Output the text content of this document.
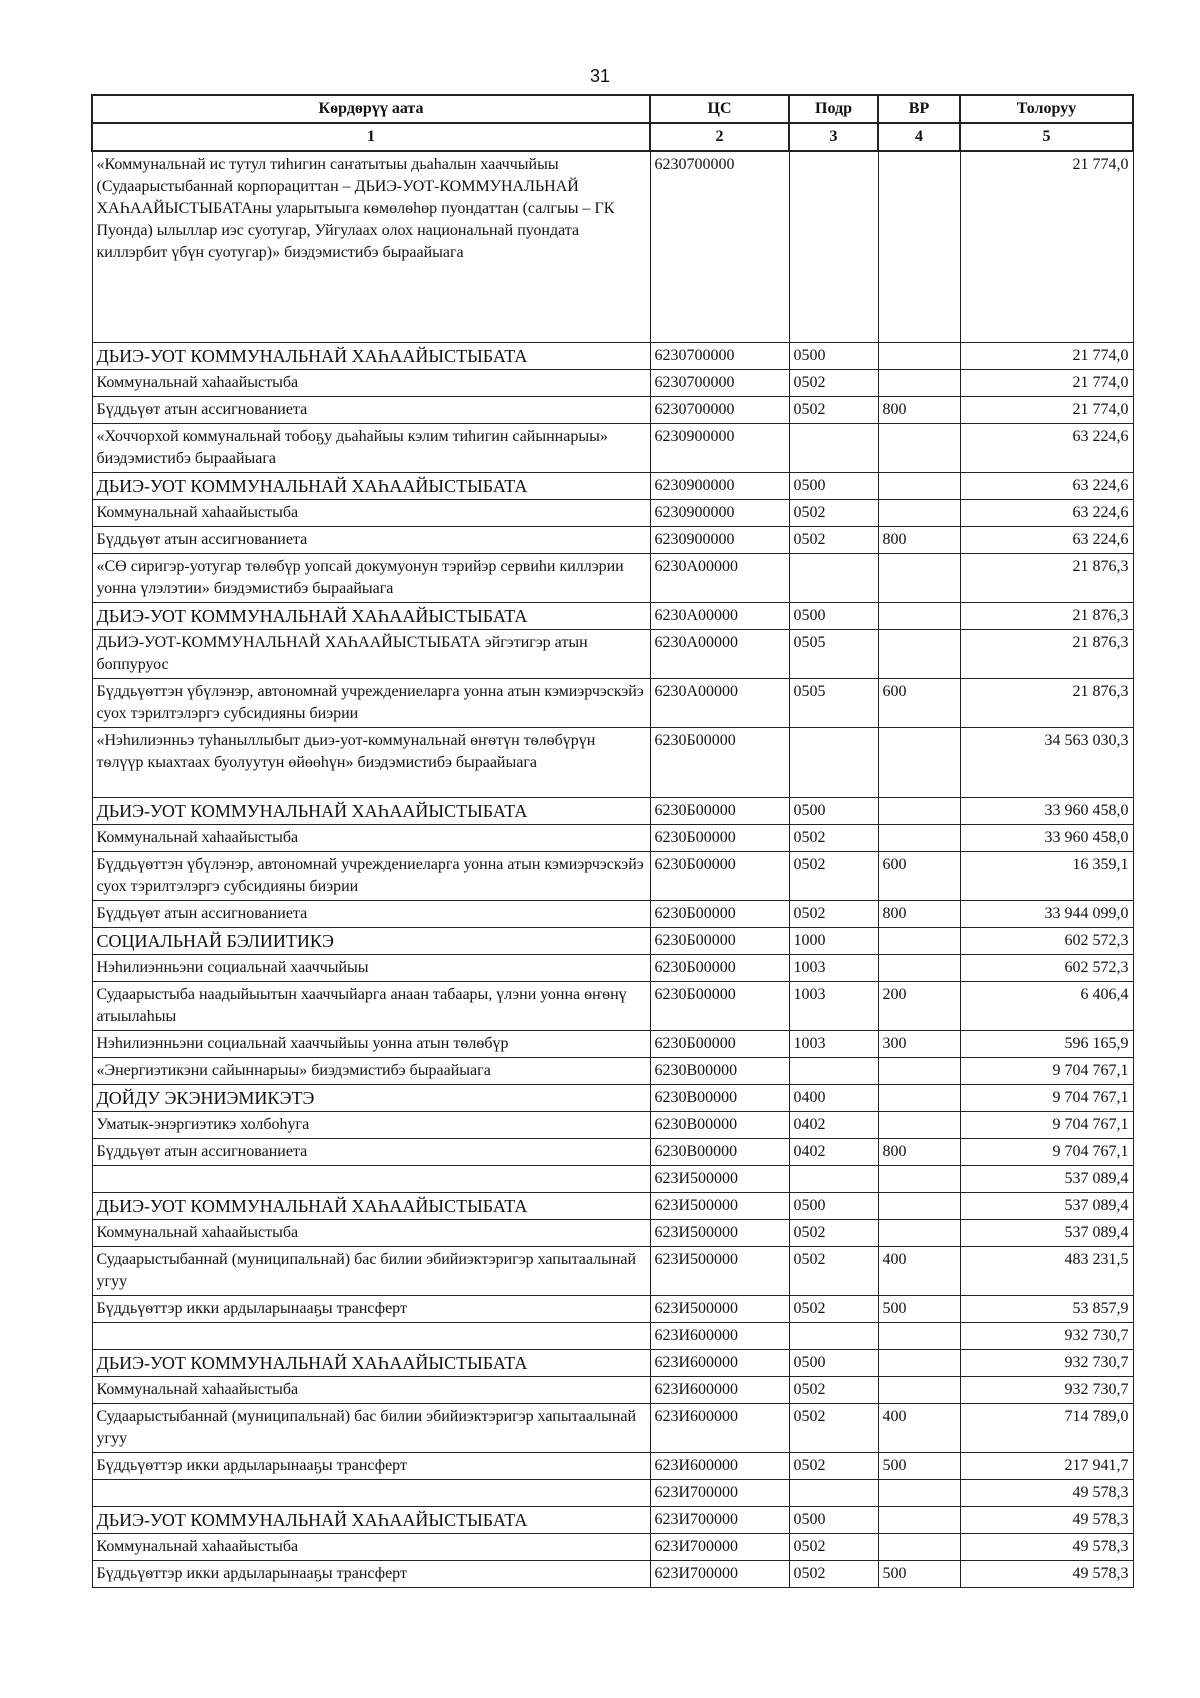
31
Кѳрдѳрүү аата	ЦС	Подр	ВР	Толоруу
1	2	3	4	5
«Коммунальнай ис тутул тиһигин саҥатытыы дьаһалын хааччыйыы (Судаарыстыбаннай корпорациттан – ДЬИЭ-УОТ-КОММУНАЛЬНАЙ ХАҺААЙЫСТЫБАТАны уларытыыга кѳмөлѳһөр пуондаттан (салгыы – ГК Пуонда) ылыллар иэс суотугар, Уйгулаах олох национальнай пуондата киллэрбит үбүн суотугар)» биэдэмистибэ быраайыага	6230700000			21 774,0
ДЬИЭ-УОТ КОММУНАЛЬНАЙ ХАҺААЙЫСТЫБАТА	6230700000	0500		21 774,0
Коммунальнай хаһаайыстыба	6230700000	0502		21 774,0
Бүддьүѳт атын ассигнованиета	6230700000	0502	800	21 774,0
«Хоччорхой коммунальнай тобоҕу дьаһайыы кэлим тиһигин сайыннарыы» биэдэмистибэ быраайыага	6230900000			63 224,6
ДЬИЭ-УОТ КОММУНАЛЬНАЙ ХАҺААЙЫСТЫБАТА	6230900000	0500		63 224,6
Коммунальнай хаһаайыстыба	6230900000	0502		63 224,6
Бүддьүѳт атын ассигнованиета	6230900000	0502	800	63 224,6
«СӨ сиригэр-уотугар тѳлѳбүр уопсай докумуонун тэрийэр сервиһи киллэрии уонна үлэлэтии» биэдэмистибэ быраайыага	6230А00000			21 876,3
ДЬИЭ-УОТ КОММУНАЛЬНАЙ ХАҺААЙЫСТЫБАТА	6230А00000	0500		21 876,3
ДЬИЭ-УОТ-КОММУНАЛЬНАЙ ХАҺААЙЫСТЫБАТА эйгэтигэр атын боппуруос	6230А00000	0505		21 876,3
Бүддьүѳттэн үбүлэнэр, автономнай учреждениеларга уонна атын кэмиэрчэскэйэ суох тэрилтэлэргэ субсидияны биэрии	6230А00000	0505	600	21 876,3
«Нэһилиэнньэ туһаныллыбыт дьиэ-уот-коммунальнай ѳҥѳтүн тѳлѳбүрүн тѳлүүр кыахтаах буолуутун өйөөһүн» биэдэмистибэ быраайыага	6230Б00000			34 563 030,3
ДЬИЭ-УОТ КОММУНАЛЬНАЙ ХАҺААЙЫСТЫБАТА	6230Б00000	0500		33 960 458,0
Коммунальнай хаһаайыстыба	6230Б00000	0502		33 960 458,0
Бүддьүѳттэн үбүлэнэр, автономнай учреждениеларга уонна атын кэмиэрчэскэйэ суох тэрилтэлэргэ субсидияны биэрии	6230Б00000	0502	600	16 359,1
Бүддьүѳт атын ассигнованиета	6230Б00000	0502	800	33 944 099,0
СОЦИАЛЬНАЙ БЭЛИИТИКЭ	6230Б00000	1000		602 572,3
Нэһилиэнньэни социальнай хааччыйыы	6230Б00000	1003		602 572,3
Судаарыстыба наадыйыытын хааччыйарга анаан табаары, үлэни уонна ѳҥѳнү атыылаһыы	6230Б00000	1003	200	6 406,4
Нэһилиэнньэни социальнай хааччыйыы уонна атын тѳлѳбүр	6230Б00000	1003	300	596 165,9
«Энергиэтикэни сайыннарыы» биэдэмистибэ быраайыага	6230В00000			9 704 767,1
ДОЙДУ ЭКЭНИЭМИКЭТЭ	6230В00000	0400		9 704 767,1
Уматык-энэргиэтикэ холбоһуга	6230В00000	0402		9 704 767,1
Бүддьүѳт атын ассигнованиета	6230В00000	0402	800	9 704 767,1
	623И500000			537 089,4
ДЬИЭ-УОТ КОММУНАЛЬНАЙ ХАҺААЙЫСТЫБАТА	623И500000	0500		537 089,4
Коммунальнай хаһаайыстыба	623И500000	0502		537 089,4
Судаарыстыбаннай (муниципальнай) бас билии эбийиэктэригэр хапытаалынай угуу	623И500000	0502	400	483 231,5
Бүддьүѳттэр икки ардыларынааҕы трансферт	623И500000	0502	500	53 857,9
	623И600000			932 730,7
ДЬИЭ-УОТ КОММУНАЛЬНАЙ ХАҺААЙЫСТЫБАТА	623И600000	0500		932 730,7
Коммунальнай хаһаайыстыба	623И600000	0502		932 730,7
Судаарыстыбаннай (муниципальнай) бас билии эбийиэктэригэр хапытаалынай угуу	623И600000	0502	400	714 789,0
Бүддьүѳттэр икки ардыларынааҕы трансферт	623И600000	0502	500	217 941,7
	623И700000			49 578,3
ДЬИЭ-УОТ КОММУНАЛЬНАЙ ХАҺААЙЫСТЫБАТА	623И700000	0500		49 578,3
Коммунальнай хаһаайыстыба	623И700000	0502		49 578,3
Бүддьүѳттэр икки ардыларынааҕы трансферт	623И700000	0502	500	49 578,3
